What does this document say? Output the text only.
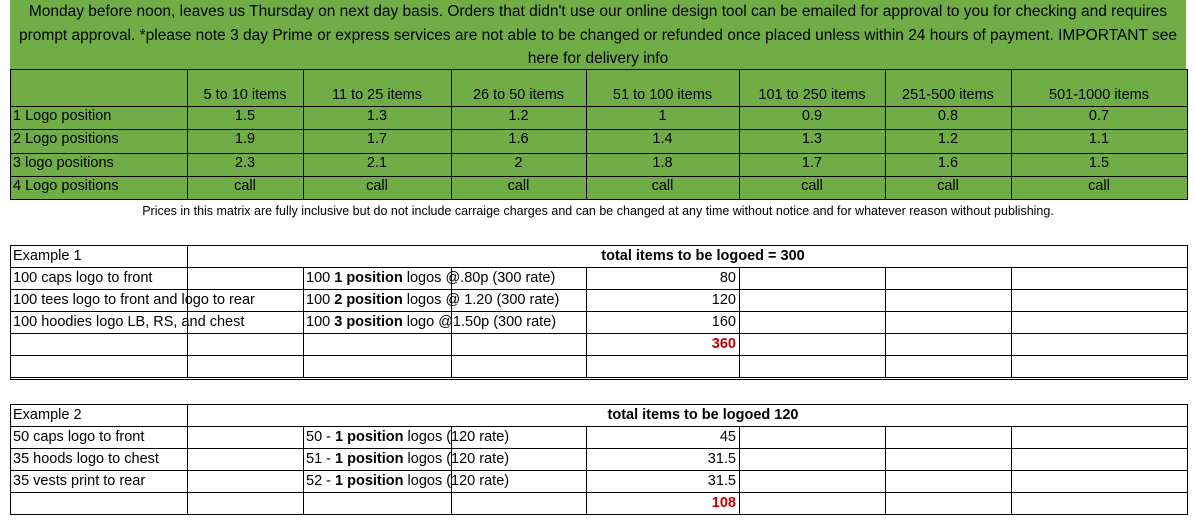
Monday before noon, leaves us Thursday on next day basis. Orders that didn't use our online design tool can be emailed for approval to you for checking and requires prompt approval. *please note 3 day Prime or express services are not able to be changed or refunded once placed unless within 24 hours of payment. IMPORTANT see here for delivery info
5 to 10 items	11 to 25 items	26 to 50 items	51 to 100 items	101 to 250 items	251-500 items	501-1000 items
1 Logo position	1.5	1.3	1.2	1	0.9	0.8	0.7
2 Logo positions	1.9	1.7	1.6	1.4	1.3	1.2	1.1
3 logo positions	2.3	2.1	2	1.8	1.7	1.6	1.5
4 Logo positions	call	call	call	call	call	call	call
Prices in this matrix are fully inclusive but do not include carraige charges and can be changed at any time without notice and for whatever reason without publishing.
Example 1	total items to be logoed = 300
100 caps logo to front	100 1 position logos @.80p (300 rate)	80
100 tees logo to front and logo to rear	100 2 position logos @ 1.20 (300 rate)	120
100 hoodies logo LB, RS, and chest	100 3 position logo @1.50p (300 rate)	160
360
Example 2	total items to be logoed 120
50 caps logo to front	50 - 1 position logos (120 rate)	45
35 hoods logo to chest	51 - 1 position logos (120 rate)	31.5
35 vests print to rear	52 - 1 position logos (120 rate)	31.5
108
